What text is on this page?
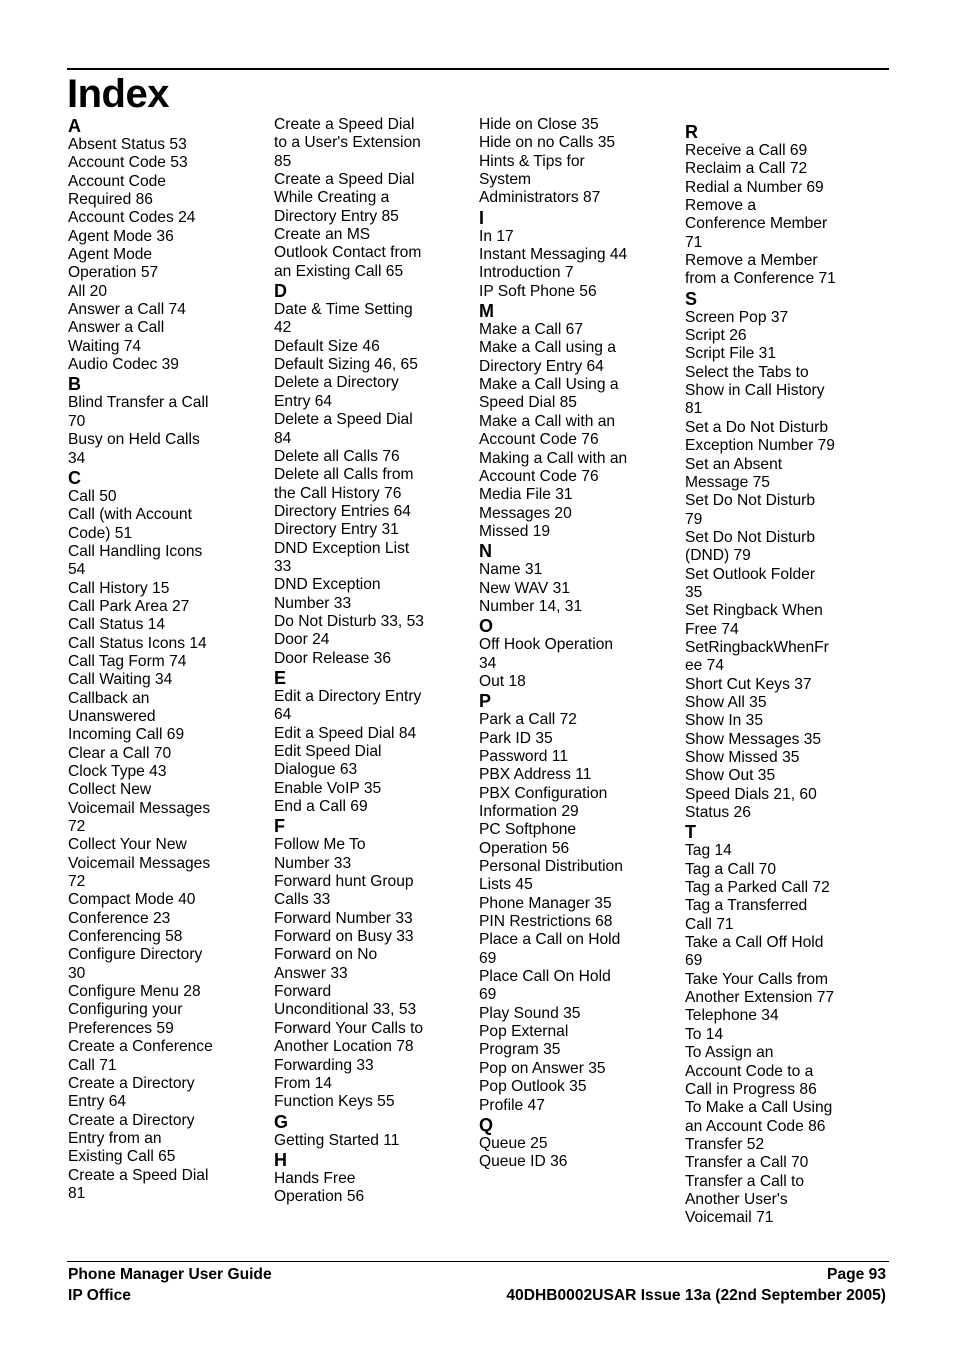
Index
A
Absent Status 53
Account Code 53
Account Code
Required 86
Account Codes 24
Agent Mode 36
Agent Mode
Operation 57
All 20
Answer a Call 74
Answer a Call
Waiting 74
Audio Codec 39
B
Blind Transfer a Call
70
Busy on Held Calls
34
C
Call 50
Call (with Account
Code) 51
Call Handling Icons
54
Call History 15
Call Park Area 27
Call Status 14
Call Status Icons 14
Call Tag Form 74
Call Waiting 34
Callback an
Unanswered
Incoming Call 69
Clear a Call 70
Clock Type 43
Collect New
Voicemail Messages
72
Collect Your New
Voicemail Messages
72
Compact Mode 40
Conference 23
Conferencing 58
Configure Directory
30
Configure Menu 28
Configuring your
Preferences 59
Create a Conference
Call 71
Create a Directory
Entry 64
Create a Directory
Entry from an
Existing Call 65
Create a Speed Dial
81
Create a Speed Dial
to a User's Extension
85
Create a Speed Dial
While Creating a
Directory Entry 85
Create an MS
Outlook Contact from
an Existing Call 65
D
Date & Time Setting
42
Default Size 46
Default Sizing 46, 65
Delete a Directory
Entry 64
Delete a Speed Dial
84
Delete all Calls 76
Delete all Calls from
the Call History 76
Directory Entries 64
Directory Entry 31
DND Exception List
33
DND Exception
Number 33
Do Not Disturb 33, 53
Door 24
Door Release 36
E
Edit a Directory Entry
64
Edit a Speed Dial 84
Edit Speed Dial
Dialogue 63
Enable VoIP 35
End a Call 69
F
Follow Me To
Number 33
Forward hunt Group
Calls 33
Forward Number 33
Forward on Busy 33
Forward on No
Answer 33
Forward
Unconditional 33, 53
Forward Your Calls to
Another Location 78
Forwarding 33
From 14
Function Keys 55
G
Getting Started 11
H
Hands Free
Operation 56
Hide on Close 35
Hide on no Calls 35
Hints & Tips for
System
Administrators 87
I
In 17
Instant Messaging 44
Introduction 7
IP Soft Phone 56
M
Make a Call 67
Make a Call using a
Directory Entry 64
Make a Call Using a
Speed Dial 85
Make a Call with an
Account Code 76
Making a Call with an
Account Code 76
Media File 31
Messages 20
Missed 19
N
Name 31
New WAV 31
Number 14, 31
O
Off Hook Operation
34
Out 18
P
Park a Call 72
Park ID 35
Password 11
PBX Address 11
PBX Configuration
Information 29
PC Softphone
Operation 56
Personal Distribution
Lists 45
Phone Manager 35
PIN Restrictions 68
Place a Call on Hold
69
Place Call On Hold
69
Play Sound 35
Pop External
Program 35
Pop on Answer 35
Pop Outlook 35
Profile 47
Q
Queue 25
Queue ID 36
R
Receive a Call 69
Reclaim a Call 72
Redial a Number 69
Remove a
Conference Member
71
Remove a Member
from a Conference 71
S
Screen Pop 37
Script 26
Script File 31
Select the Tabs to
Show in Call History
81
Set a Do Not Disturb
Exception Number 79
Set an Absent
Message 75
Set Do Not Disturb
79
Set Do Not Disturb
(DND) 79
Set Outlook Folder
35
Set Ringback When
Free 74
SetRingbackWhenFr
ee 74
Short Cut Keys 37
Show All 35
Show In 35
Show Messages 35
Show Missed 35
Show Out 35
Speed Dials 21, 60
Status 26
T
Tag 14
Tag a Call 70
Tag a Parked Call 72
Tag a Transferred
Call 71
Take a Call Off Hold
69
Take Your Calls from
Another Extension 77
Telephone 34
To 14
To Assign an
Account Code to a
Call in Progress 86
To Make a Call Using
an Account Code 86
Transfer 52
Transfer a Call 70
Transfer a Call to
Another User's
Voicemail 71
Phone Manager User Guide
IP Office
Page 93
40DHB0002USAR Issue 13a (22nd September 2005)
